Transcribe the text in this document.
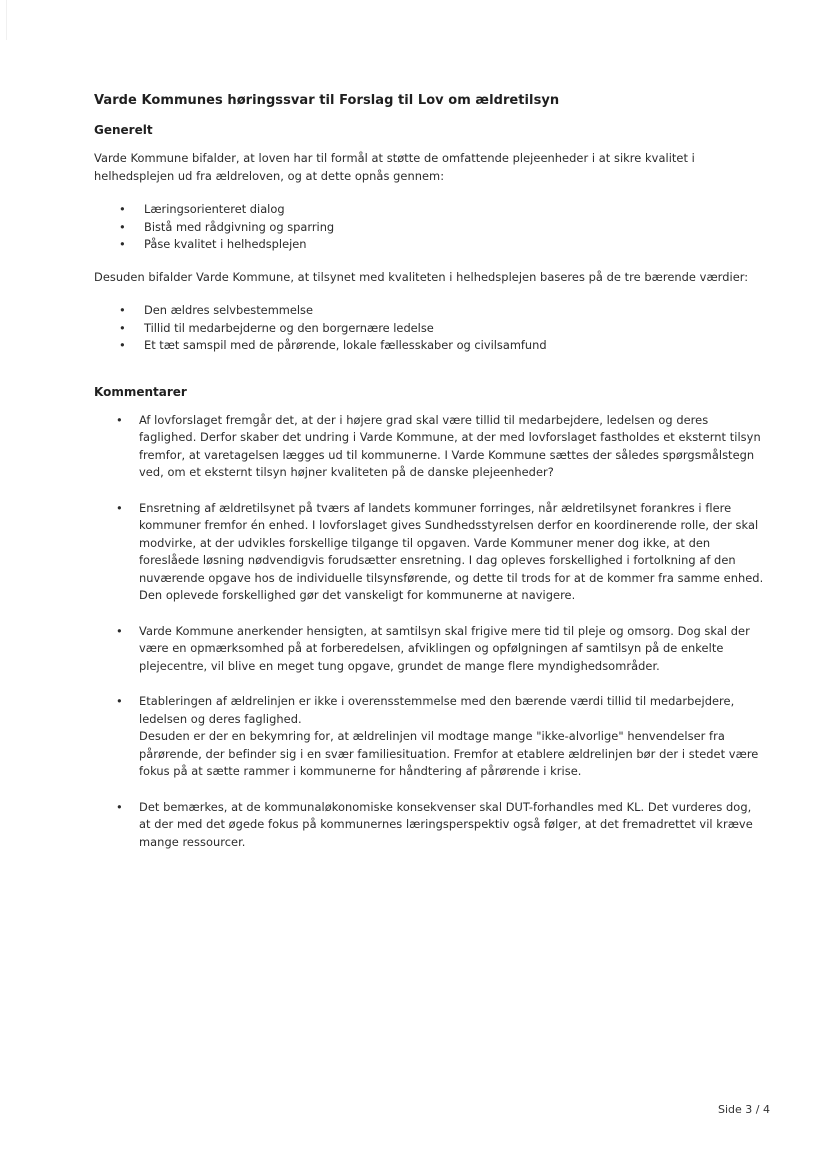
Varde Kommunes høringssvar til Forslag til Lov om ældretilsyn
Generelt

Varde Kommune bifalder, at loven har til formål at støtte de omfattende plejeenheder i at sikre kvalitet i helhedsplejen ud fra ældreloven, og at dette opnås gennem:

• Læringsorienteret dialog
• Bistå med rådgivning og sparring
• Påse kvalitet i helhedsplejen

Desuden bifalder Varde Kommune, at tilsynet med kvaliteten i helhedsplejen baseres på de tre bærende værdier:

• Den ældres selvbestemmelse
• Tillid til medarbejderne og den borgernære ledelse
• Et tæt samspil med de pårørende, lokale fællesskaber og civilsamfund
Kommentarer
• Af lovforslaget fremgår det, at der i højere grad skal være tillid til medarbejdere, ledelsen og deres faglighed. Derfor skaber det undring i Varde Kommune, at der med lovforslaget fastholdes et eksternt tilsyn fremfor, at varetagelsen lægges ud til kommunerne. I Varde Kommune sættes der således spørgsmålstegn ved, om et eksternt tilsyn højner kvaliteten på de danske plejeenheder?
• Ensretning af ældretilsynet på tværs af landets kommuner forringes, når ældretilsynet forankres i flere kommuner fremfor én enhed. I lovforslaget gives Sundhedsstyrelsen derfor en koordinerende rolle, der skal modvirke, at der udvikles forskellige tilgange til opgaven. Varde Kommuner mener dog ikke, at den foreslåede løsning nødvendigvis forudsætter ensretning. I dag opleves forskellighed i fortolkning af den nuværende opgave hos de individuelle tilsynsførende, og dette til trods for at de kommer fra samme enhed. Den oplevede forskellighed gør det vanskeligt for kommunerne at navigere.
• Varde Kommune anerkender hensigten, at samtilsyn skal frigive mere tid til pleje og omsorg. Dog skal der være en opmærksomhed på at forberedelsen, afviklingen og opfølgningen af samtilsyn på de enkelte plejecentre, vil blive en meget tung opgave, grundet de mange flere myndighedsområder.
• Etableringen af ældrelinjen er ikke i overensstemmelse med den bærende værdi tillid til medarbejdere, ledelsen og deres faglighed.
Desuden er der en bekymring for, at ældrelinjen vil modtage mange "ikke-alvorlige" henvendelser fra pårørende, der befinder sig i en svær familiesituation. Fremfor at etablere ældrelinjen bør der i stedet være fokus på at sætte rammer i kommunerne for håndtering af pårørende i krise.
• Det bemærkes, at de kommunaløkonomiske konsekvenser skal DUT-forhandles med KL. Det vurderes dog, at der med det øgede fokus på kommunernes læringsperspektiv også følger, at det fremadrettet vil kræve mange ressourcer.
Side 3 / 4
